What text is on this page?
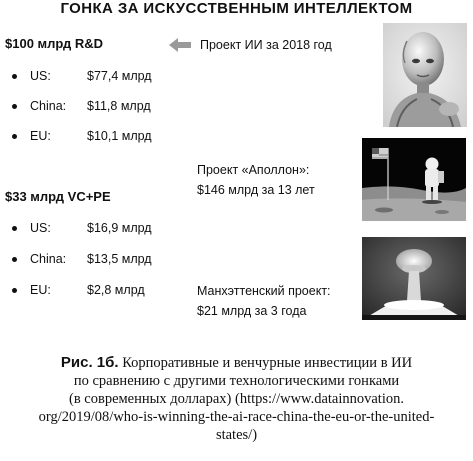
ГОНКА ЗА ИСКУССТВЕННЫМ ИНТЕЛЛЕКТОМ
$100 млрд R&D
US:	$77,4 млрд
China:	$11,8 млрд
EU:	$10,1 млрд
$33 млрд VC+PE
US:	$16,9 млрд
China:	$13,5 млрд
EU:	$2,8 млрд
Проект ИИ за 2018 год
Проект «Аполлон»:
$146 млрд за 13 лет
Манхэттенский проект:
$21 млрд за 3 года
Рис. 1б. Корпоративные и венчурные инвестиции в ИИ
по сравнению с другими технологическими гонками
(в современных долларах) (https://www.datainnovation.
org/2019/08/who-is-winning-the-ai-race-china-the-eu-or-the-united-
states/)
